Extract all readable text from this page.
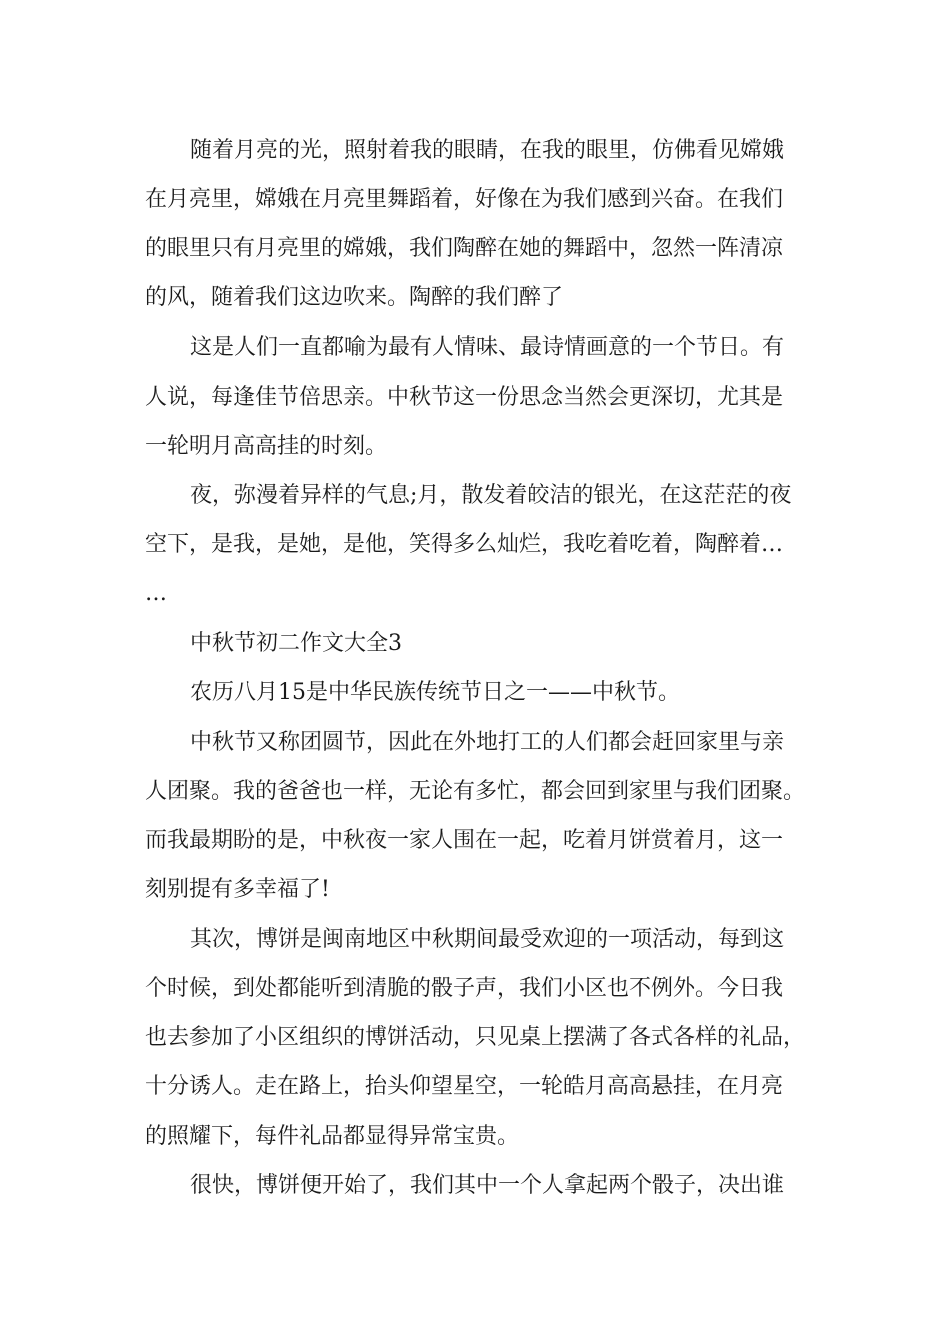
随着月亮的光，照射着我的眼睛，在我的眼里，仿佛看见嫦娥

在月亮里，嫦娥在月亮里舞蹈着，好像在为我们感到兴奋。在我们

的眼里只有月亮里的嫦娥，我们陶醉在她的舞蹈中，忽然一阵清凉

的风，随着我们这边吹来。陶醉的我们醉了

这是人们一直都喻为最有人情味、最诗情画意的一个节日。有

人说，每逢佳节倍思亲。中秋节这一份思念当然会更深切，尤其是

一轮明月高高挂的时刻。

夜，弥漫着异样的气息;月，散发着皎洁的银光，在这茫茫的夜

空下，是我，是她，是他，笑得多么灿烂，我吃着吃着，陶醉着…

…

中秋节初二作文大全3

农历八月15是中华民族传统节日之一——中秋节。

中秋节又称团圆节，因此在外地打工的人们都会赶回家里与亲

人团聚。我的爸爸也一样，无论有多忙，都会回到家里与我们团聚。

而我最期盼的是，中秋夜一家人围在一起，吃着月饼赏着月，这一

刻别提有多幸福了!

其次，博饼是闽南地区中秋期间最受欢迎的一项活动，每到这

个时候，到处都能听到清脆的骰子声，我们小区也不例外。今日我

也去参加了小区组织的博饼活动，只见桌上摆满了各式各样的礼品，

十分诱人。走在路上，抬头仰望星空，一轮皓月高高悬挂，在月亮

的照耀下，每件礼品都显得异常宝贵。

很快，博饼便开始了，我们其中一个人拿起两个骰子，决出谁
